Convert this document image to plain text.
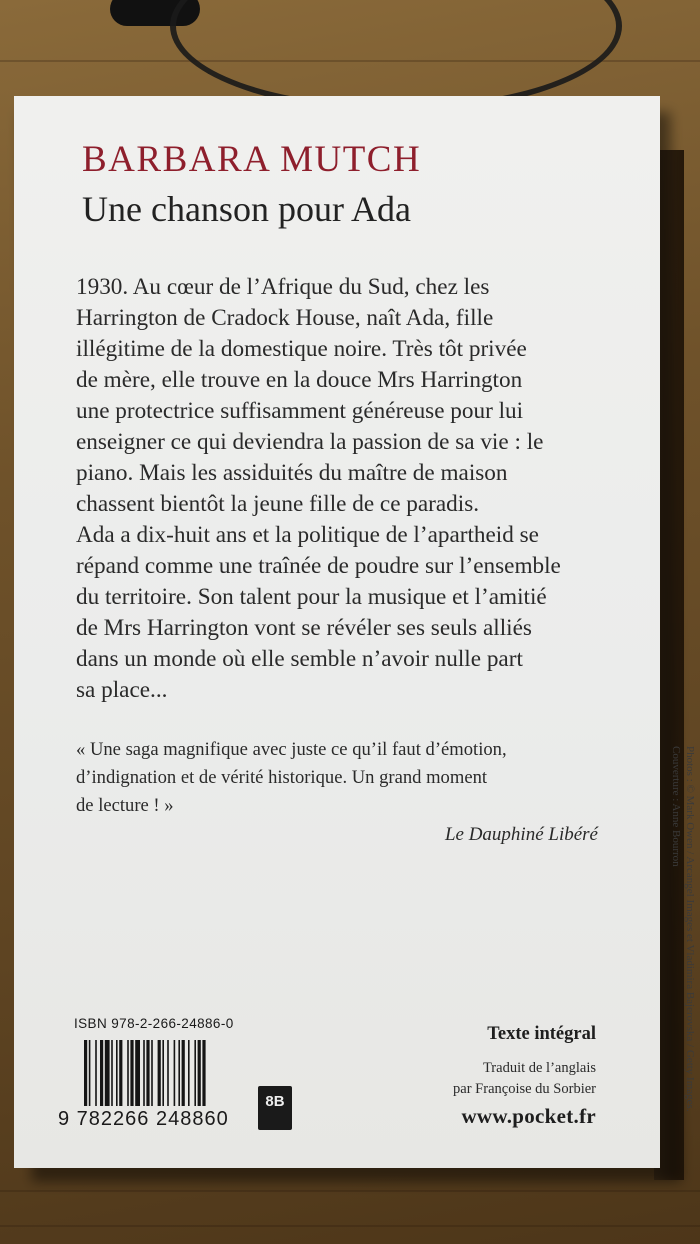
BARBARA MUTCH
Une chanson pour Ada
1930. Au cœur de l’Afrique du Sud, chez les
Harrington de Cradock House, naît Ada, fille
illégitime de la domestique noire. Très tôt privée
de mère, elle trouve en la douce Mrs Harrington
une protectrice suffisamment généreuse pour lui
enseigner ce qui deviendra la passion de sa vie : le
piano. Mais les assiduités du maître de maison
chassent bientôt la jeune fille de ce paradis.
Ada a dix-huit ans et la politique de l’apartheid se
répand comme une traînée de poudre sur l’ensemble
du territoire. Son talent pour la musique et l’amitié
de Mrs Harrington vont se révéler ses seuls alliés
dans un monde où elle semble n’avoir nulle part
sa place...
« Une saga magnifique avec juste ce qu’il faut d’émotion,
d’indignation et de vérité historique. Un grand moment
de lecture ! »
Le Dauphiné Libéré	Photos : © Mark Owen / Arcangel Images et Vladimira Bajerovska / Getty Images. Couverture : Anne Bourron
ISBN 978-2-266-24886-0
9 782266 248860
8B
Texte intégral
Traduit de l’anglais
par Françoise du Sorbier
www.pocket.fr
